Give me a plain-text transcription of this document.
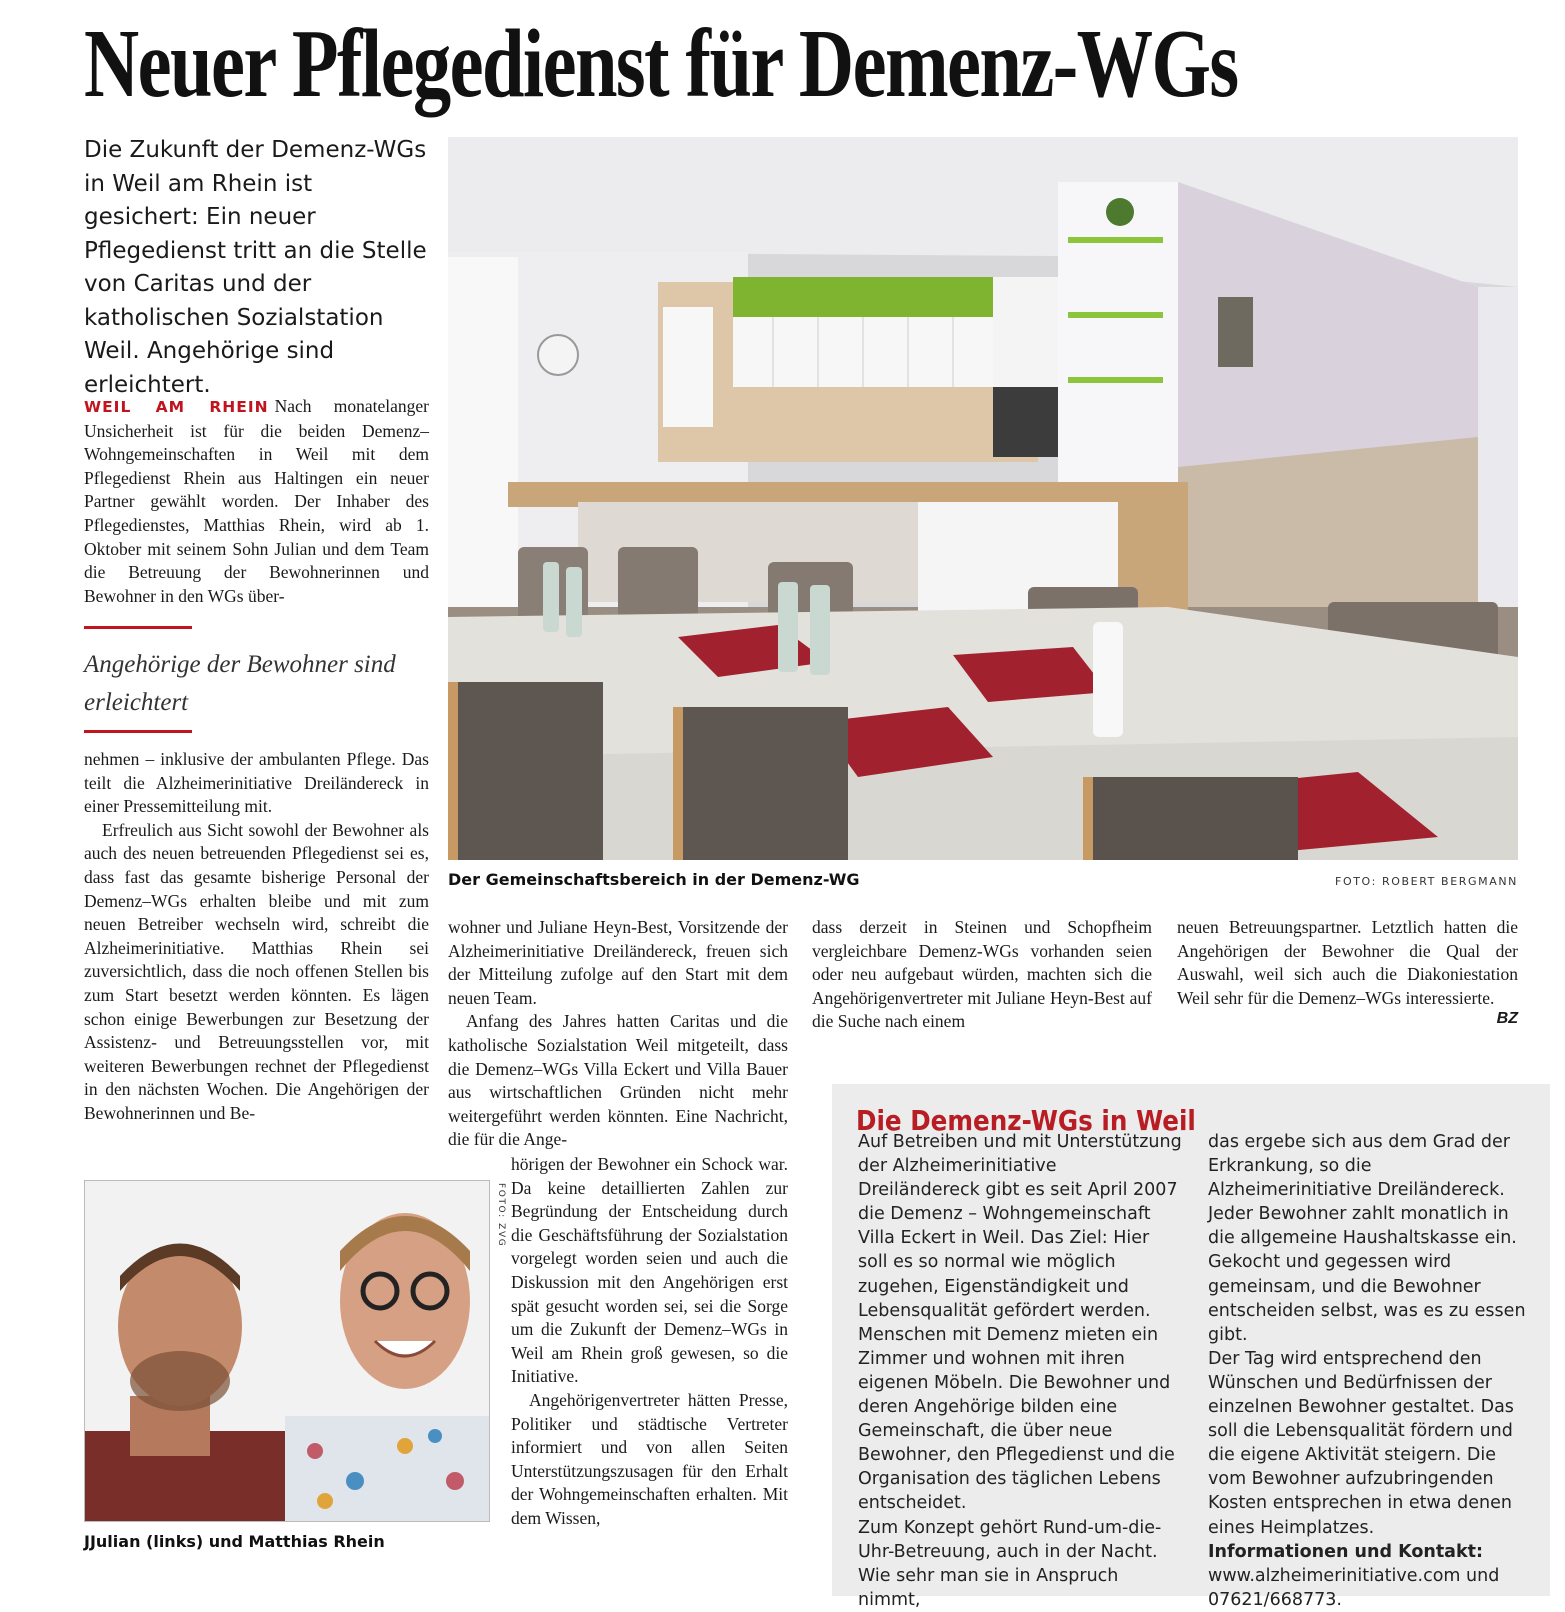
Neuer Pflegedienst für Demenz-WGs
Die Zukunft der Demenz-WGs in Weil am Rhein ist gesichert: Ein neuer Pflegedienst tritt an die Stelle von Caritas und der katholischen Sozialstation Weil. Angehörige sind erleichtert.

WEIL AM RHEIN Nach monatelanger Unsicherheit ist für die beiden Demenz–Wohngemeinschaften in Weil mit dem Pflegedienst Rhein aus Haltingen ein neuer Partner gewählt worden. Der Inhaber des Pflegedienstes, Matthias Rhein, wird ab 1. Oktober mit seinem Sohn Julian und dem Team die Betreuung der Bewohnerinnen und Bewohner in den WGs über-

Angehörige der Bewohner sind erleichtert

nehmen – inklusive der ambulanten Pflege. Das teilt die Alzheimerinitiative Dreiländereck in einer Pressemitteilung mit.

Erfreulich aus Sicht sowohl der Bewohner als auch des neuen betreuenden Pflegedienst sei es, dass fast das gesamte bisherige Personal der Demenz–WGs erhalten bleibe und mit zum neuen Betreiber wechseln wird, schreibt die Alzheimerinitiative. Matthias Rhein sei zuversichtlich, dass die noch offenen Stellen bis zum Start besetzt werden könnten. Es lägen schon einige Bewerbungen zur Besetzung der Assistenz- und Betreuungsstellen vor, mit weiteren Bewerbungen rechnet der Pflegedienst in den nächsten Wochen. Die Angehörigen der Bewohnerinnen und Be-

Der Gemeinschaftsbereich in der Demenz-WG	FOTO: ROBERT BERGMANN

wohner und Juliane Heyn-Best, Vorsitzende der Alzheimerinitiative Dreiländereck, freuen sich der Mitteilung zufolge auf den Start mit dem neuen Team.

Anfang des Jahres hatten Caritas und die katholische Sozialstation Weil mitgeteilt, dass die Demenz–WGs Villa Eckert und Villa Bauer aus wirtschaftlichen Gründen nicht mehr weitergeführt werden könnten. Eine Nachricht, die für die Ange-

hörigen der Bewohner ein Schock war. Da keine detaillierten Zahlen zur Begründung der Entscheidung durch die Geschäftsführung der Sozialstation vorgelegt worden seien und auch die Diskussion mit den Angehörigen erst spät gesucht worden sei, sei die Sorge um die Zukunft der Demenz–WGs in Weil am Rhein groß gewesen, so die Initiative.

Angehörigenvertreter hätten Presse, Politiker und städtische Vertreter informiert und von allen Seiten Unterstützungszusagen für den Erhalt der Wohngemeinschaften erhalten. Mit dem Wissen,

dass derzeit in Steinen und Schopfheim vergleichbare Demenz-WGs vorhanden seien oder neu aufgebaut würden, machten sich die Angehörigenvertreter mit Juliane Heyn-Best auf die Suche nach einem

neuen Betreuungspartner. Letztlich hatten die Angehörigen der Bewohner die Qual der Auswahl, weil sich auch die Diakoniestation Weil sehr für die Demenz–WGs interessierte.

BZ
FOTO: ZVG
JJulian (links) und Matthias Rhein
Die Demenz-WGs in Weil

Auf Betreiben und mit Unterstützung der Alzheimerinitiative Dreiländereck gibt es seit April 2007 die Demenz – Wohngemeinschaft Villa Eckert in Weil. Das Ziel: Hier soll es so normal wie möglich zugehen, Eigenständigkeit und Lebensqualität gefördert werden.

Menschen mit Demenz mieten ein Zimmer und wohnen mit ihren eigenen Möbeln. Die Bewohner und deren Angehörige bilden eine Gemeinschaft, die über neue Bewohner, den Pflegedienst und die Organisation des täglichen Lebens entscheidet.

Zum Konzept gehört Rund-um-die-Uhr-Betreuung, auch in der Nacht. Wie sehr man sie in Anspruch nimmt,

das ergebe sich aus dem Grad der Erkrankung, so die Alzheimerinitiative Dreiländereck. Jeder Bewohner zahlt monatlich in die allgemeine Haushaltskasse ein. Gekocht und gegessen wird gemeinsam, und die Bewohner entscheiden selbst, was es zu essen gibt.

Der Tag wird entsprechend den Wünschen und Bedürfnissen der einzelnen Bewohner gestaltet. Das soll die Lebensqualität fördern und die eigene Aktivität steigern. Die vom Bewohner aufzubringenden Kosten entsprechen in etwa denen eines Heimplatzes.

Informationen und Kontakt:

www.alzheimerinitiative.com und 07621/668773.
